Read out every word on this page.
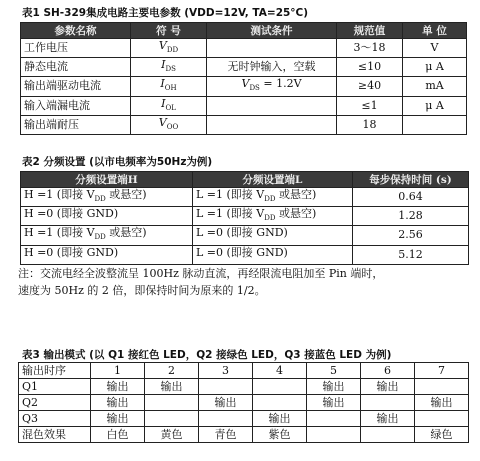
表1 SH-329集成电路主要电参数 (VDD=12V, TA=25°C)
参数名称	符 号	测试条件	规范值	单 位
工作电压	$V_{DD}$		3～18	V
静态电流	$I_{DS}$	无时钟输入，空载	≤10	μ A
输出端驱动电流	$I_{OH}$	$V_{DS} = 1.2V$	≥40	mA
输入端漏电流	$I_{OL}$		≤1	μ A
输出端耐压	$V_{OO}$		18	
表2 分频设置 (以市电频率为50Hz为例)
分频设置端H	分频设置端L	每步保持时间 (s)
H =1 (即接 $V_{DD}$ 或悬空)	L =1 (即接 $V_{DD}$ 或悬空)	0.64
H =0 (即接 GND)	L =1 (即接 $V_{DD}$ 或悬空)	1.28
H =1 (即接 $V_{DD}$ 或悬空)	L =0 (即接 GND)	2.56
H =0 (即接 GND)	L =0 (即接 GND)	5.12
注：交流电经全波整流呈 100Hz 脉动直流，再经限流电阻加至 Pin 端时，
速度为 50Hz 的 2 倍，即保持时间为原来的 1/2。
表3 输出模式 (以 Q1 接红色 LED，Q2 接绿色 LED，Q3 接蓝色 LED 为例)
输出时序	1	2	3	4	5	6	7
Q1	输出	输出			输出	输出	
Q2	输出		输出		输出		输出
Q3	输出			输出		输出	
混色效果	白色	黄色	青色	紫色			绿色
